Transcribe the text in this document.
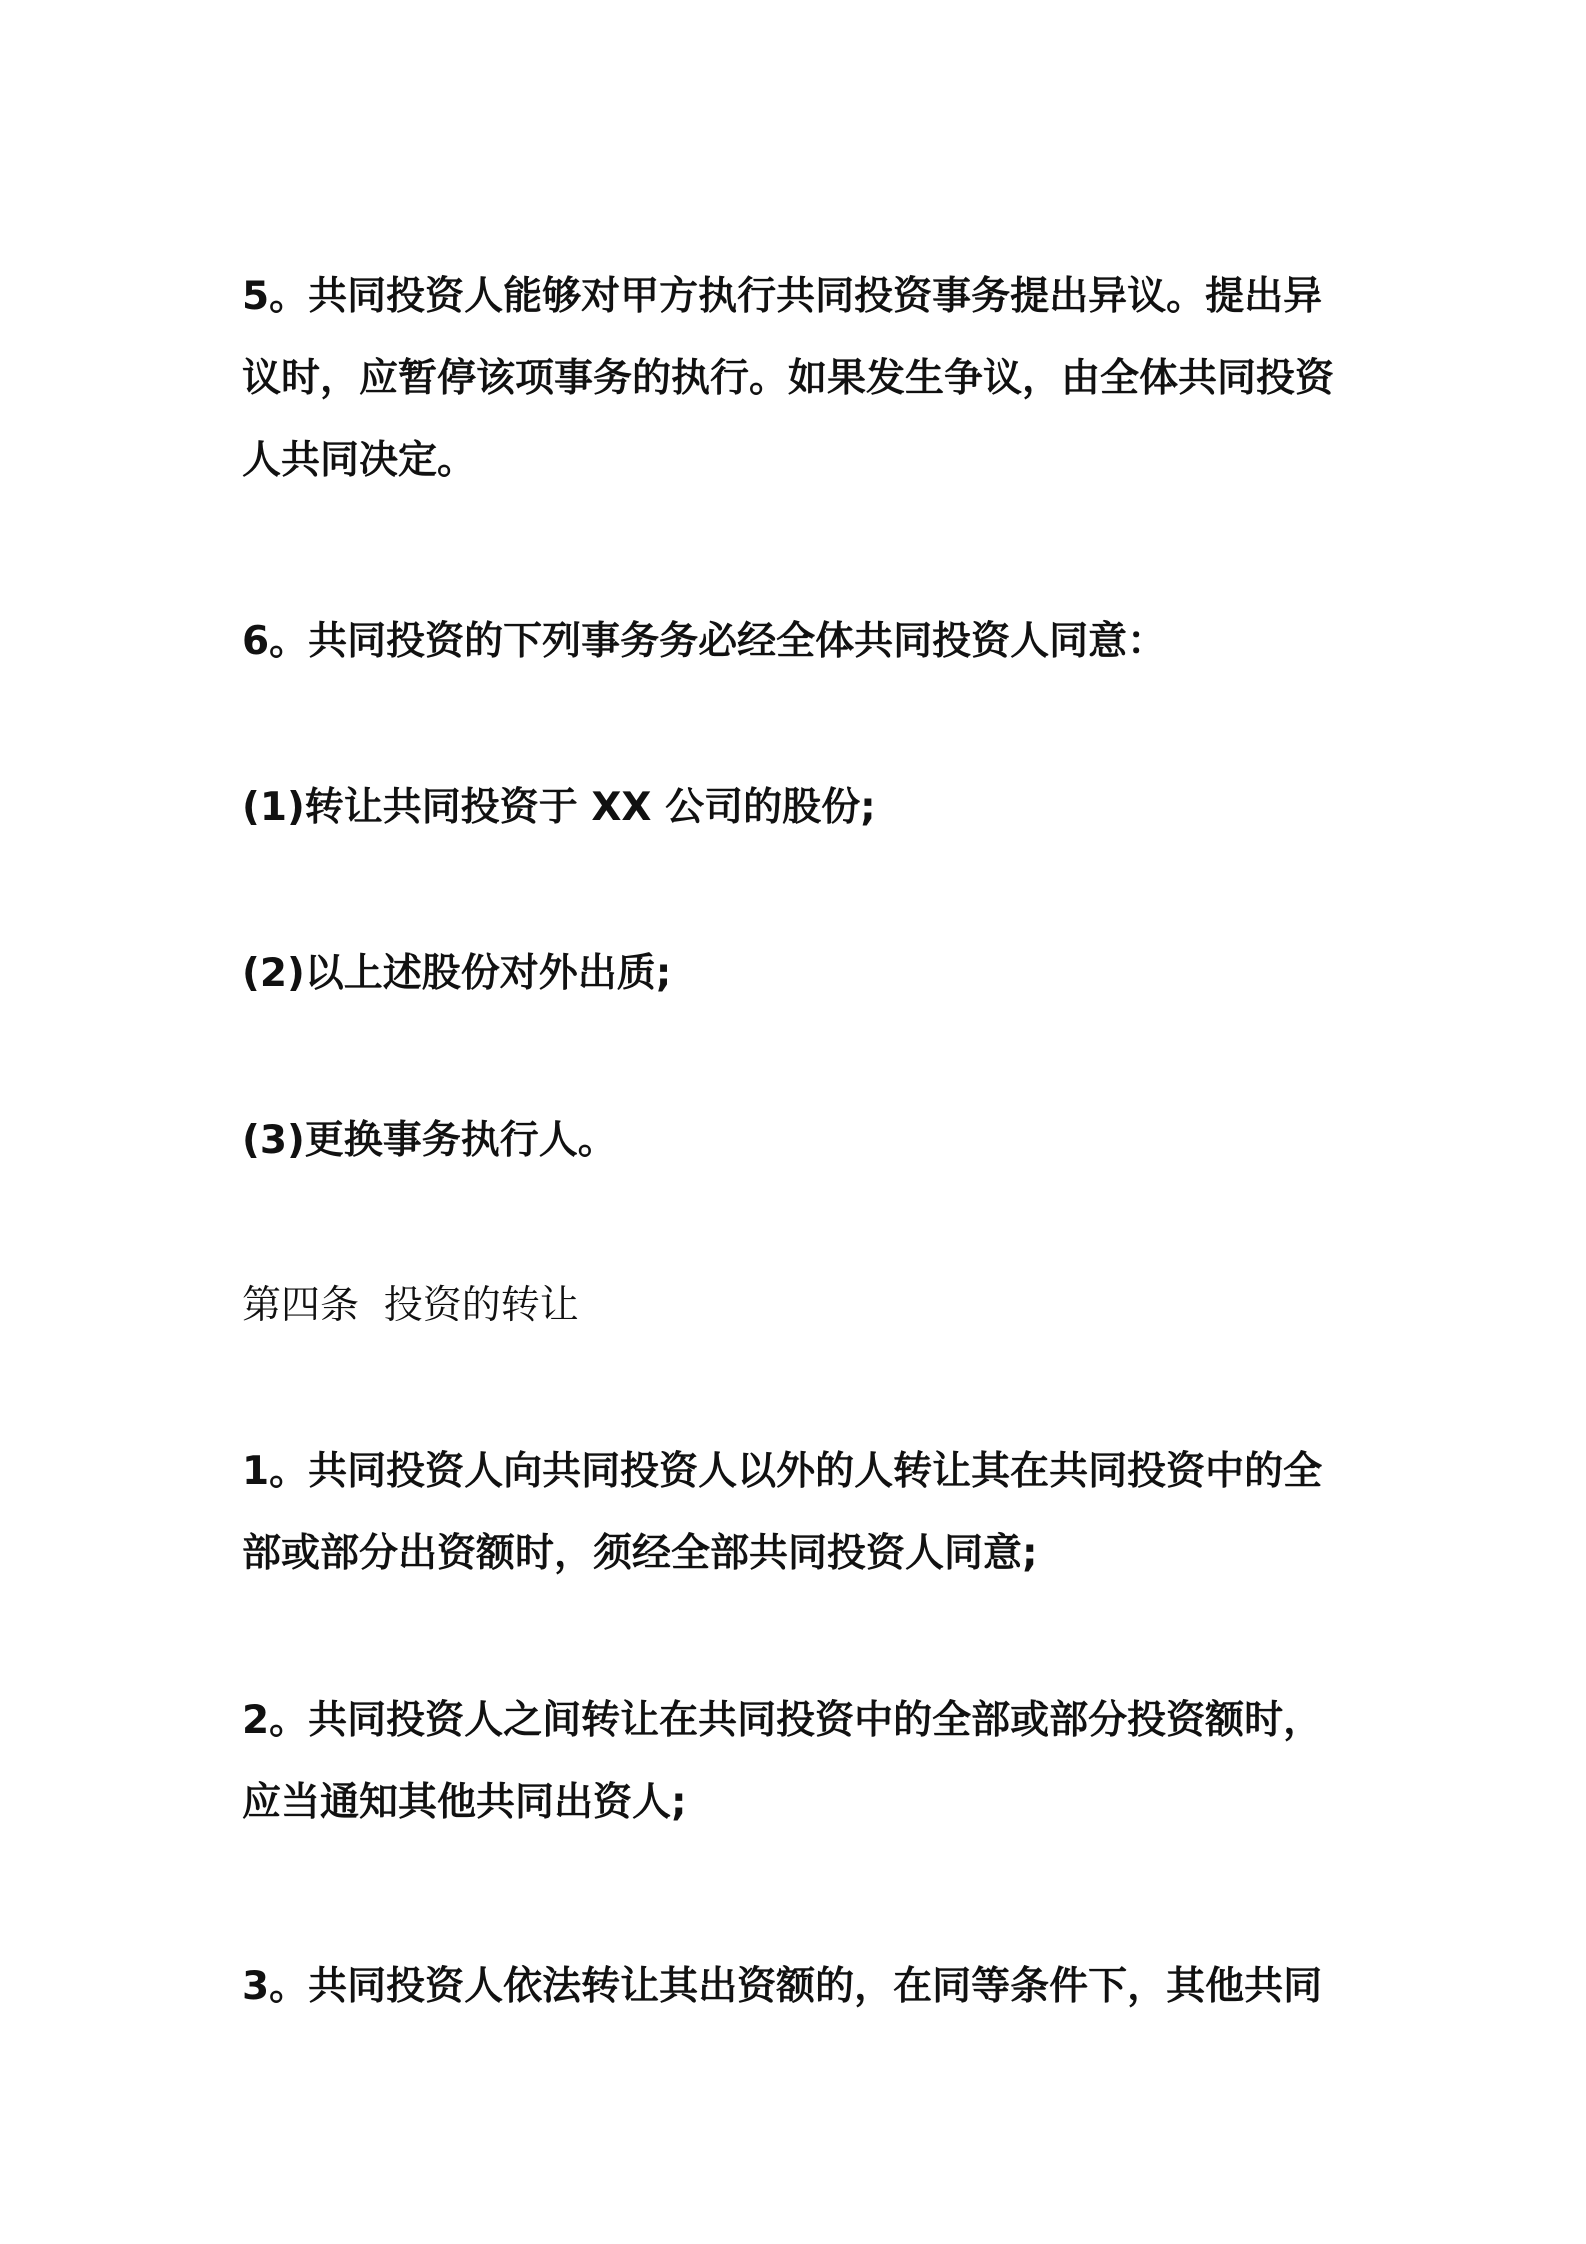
5。共同投资人能够对甲方执行共同投资事务提出异议。提出异
议时，应暂停该项事务的执行。如果发生争议，由全体共同投资
人共同决定。
6。共同投资的下列事务务必经全体共同投资人同意：
(1)转让共同投资于 XX 公司的股份;
(2)以上述股份对外出质;
(3)更换事务执行人。
第四条  投资的转让
1。共同投资人向共同投资人以外的人转让其在共同投资中的全
部或部分出资额时，须经全部共同投资人同意;
2。共同投资人之间转让在共同投资中的全部或部分投资额时，
应当通知其他共同出资人;
3。共同投资人依法转让其出资额的，在同等条件下，其他共同
